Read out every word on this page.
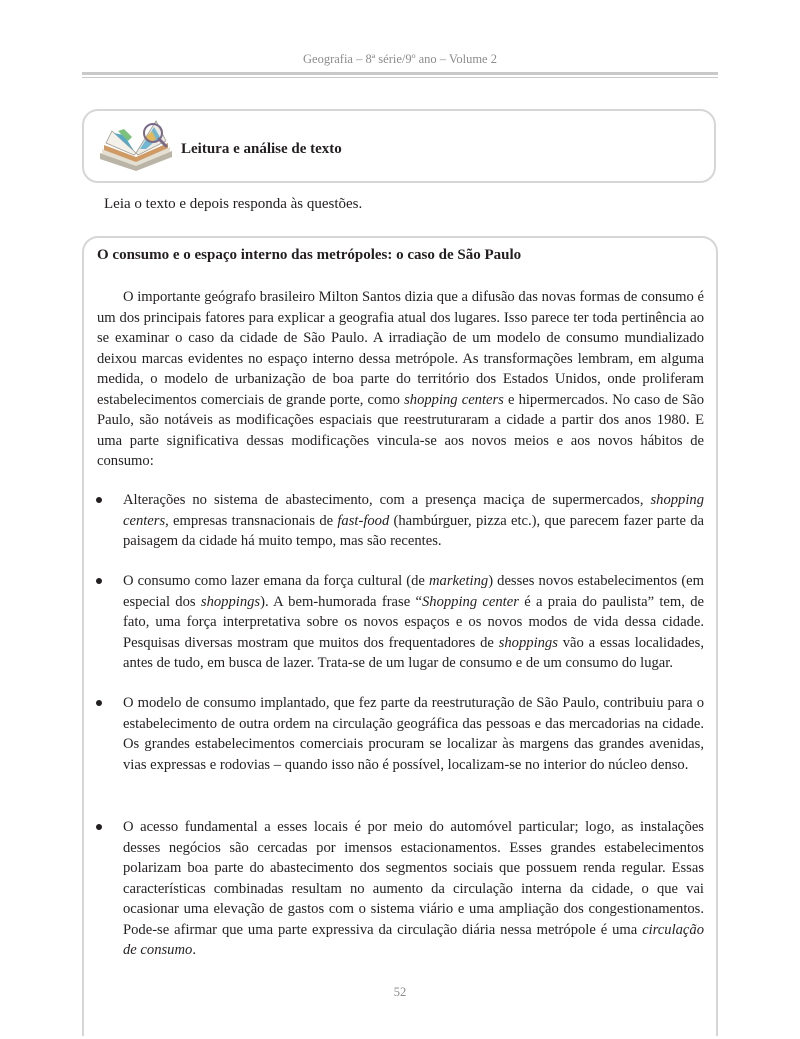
Geografia – 8ª série/9º ano – Volume 2
Leitura e análise de texto
Leia o texto e depois responda às questões.
O consumo e o espaço interno das metrópoles: o caso de São Paulo

O importante geógrafo brasileiro Milton Santos dizia que a difusão das novas formas de consumo é um dos principais fatores para explicar a geografia atual dos lugares. Isso parece ter toda pertinência ao se examinar o caso da cidade de São Paulo. A irradiação de um modelo de consumo mundializado deixou marcas evidentes no espaço interno dessa metrópole. As transformações lembram, em alguma medida, o modelo de urbanização de boa parte do território dos Estados Unidos, onde proliferam estabelecimentos comerciais de grande porte, como shopping centers e hipermercados. No caso de São Paulo, são notáveis as modificações espaciais que reestruturaram a cidade a partir dos anos 1980. E uma parte significativa dessas modificações vincula-se aos novos meios e aos novos hábitos de consumo:

Alterações no sistema de abastecimento, com a presença maciça de supermercados, shopping centers, empresas transnacionais de fast-food (hambúrguer, pizza etc.), que parecem fazer parte da paisagem da cidade há muito tempo, mas são recentes.

O consumo como lazer emana da força cultural (de marketing) desses novos estabelecimentos (em especial dos shoppings). A bem-humorada frase “Shopping center é a praia do paulista” tem, de fato, uma força interpretativa sobre os novos espaços e os novos modos de vida dessa cidade. Pesquisas diversas mostram que muitos dos frequentadores de shoppings vão a essas localidades, antes de tudo, em busca de lazer. Trata-se de um lugar de consumo e de um consumo do lugar.

O modelo de consumo implantado, que fez parte da reestruturação de São Paulo, contribuiu para o estabelecimento de outra ordem na circulação geográfica das pessoas e das mercadorias na cidade. Os grandes estabelecimentos comerciais procuram se localizar às margens das grandes avenidas, vias expressas e rodovias – quando isso não é possível, localizam-se no interior do núcleo denso.

O acesso fundamental a esses locais é por meio do automóvel particular; logo, as instalações desses negócios são cercadas por imensos estacionamentos. Esses grandes estabelecimentos polarizam boa parte do abastecimento dos segmentos sociais que possuem renda regular. Essas características combinadas resultam no aumento da circulação interna da cidade, o que vai ocasionar uma elevação de gastos com o sistema viário e uma ampliação dos congestionamentos. Pode-se afirmar que uma parte expressiva da circulação diária nessa metrópole é uma circulação de consumo.

52
